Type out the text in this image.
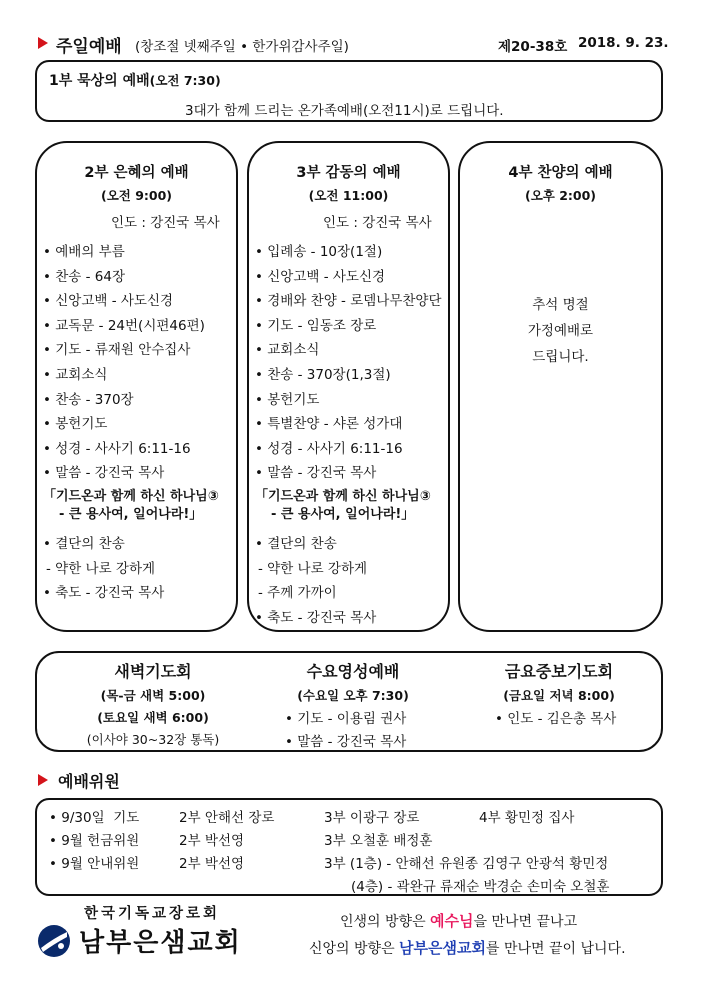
주일예배 (창조절 넷째주일 • 한가위감사주일)	제20-38호 2018. 9. 23.
1부 묵상의 예배(오전 7:30)
3대가 함께 드리는 온가족예배(오전11시)로 드립니다.
2부 은혜의 예배
(오전 9:00)
인도 : 강진국 목사
• 예배의 부름
• 찬송 - 64장
• 신앙고백 - 사도신경
• 교독문 - 24번(시편46편)
• 기도 - 류재원 안수집사
• 교회소식
• 찬송 - 370장
• 봉헌기도
• 성경 - 사사기 6:11-16
• 말씀 - 강진국 목사
「기드온과 함께 하신 하나님③
- 큰 용사여, 일어나라!」
• 결단의 찬송
- 약한 나로 강하게
• 축도 - 강진국 목사
3부 감동의 예배
(오전 11:00)
인도 : 강진국 목사
• 입례송 - 10장(1절)
• 신앙고백 - 사도신경
• 경배와 찬양 - 로뎀나무찬양단
• 기도 - 임동조 장로
• 교회소식
• 찬송 - 370장(1,3절)
• 봉헌기도
• 특별찬양 - 샤론 성가대
• 성경 - 사사기 6:11-16
• 말씀 - 강진국 목사
「기드온과 함께 하신 하나님③
- 큰 용사여, 일어나라!」
• 결단의 찬송
- 약한 나로 강하게
- 주께 가까이
• 축도 - 강진국 목사
4부 찬양의 예배
(오후 2:00)
추석 명절
가정예배로
드립니다.
새벽기도회
(목-금 새벽 5:00)
(토요일 새벽 6:00)
(이사야 30~32장 통독)
수요영성예배
(수요일 오후 7:30)
• 기도 - 이용림 권사
• 말씀 - 강진국 목사
금요중보기도회
(금요일 저녁 8:00)
• 인도 - 김은총 목사
예배위원
• 9/30일  기도	2부 안해선 장로	3부 이광구 장로	4부 황민정 집사
• 9월 헌금위원	2부 박선영	3부 오철훈 배정훈
• 9월 안내위원	2부 박선영	3부 (1층) - 안해선 유원종 김영구 안광석 황민정
(4층) - 곽완규 류재순 박경순 손미숙 오철훈
한국기독교장로회
남부은샘교회
인생의 방향은 예수님을 만나면 끝나고
신앙의 방향은 남부은샘교회를 만나면 끝이 납니다.
